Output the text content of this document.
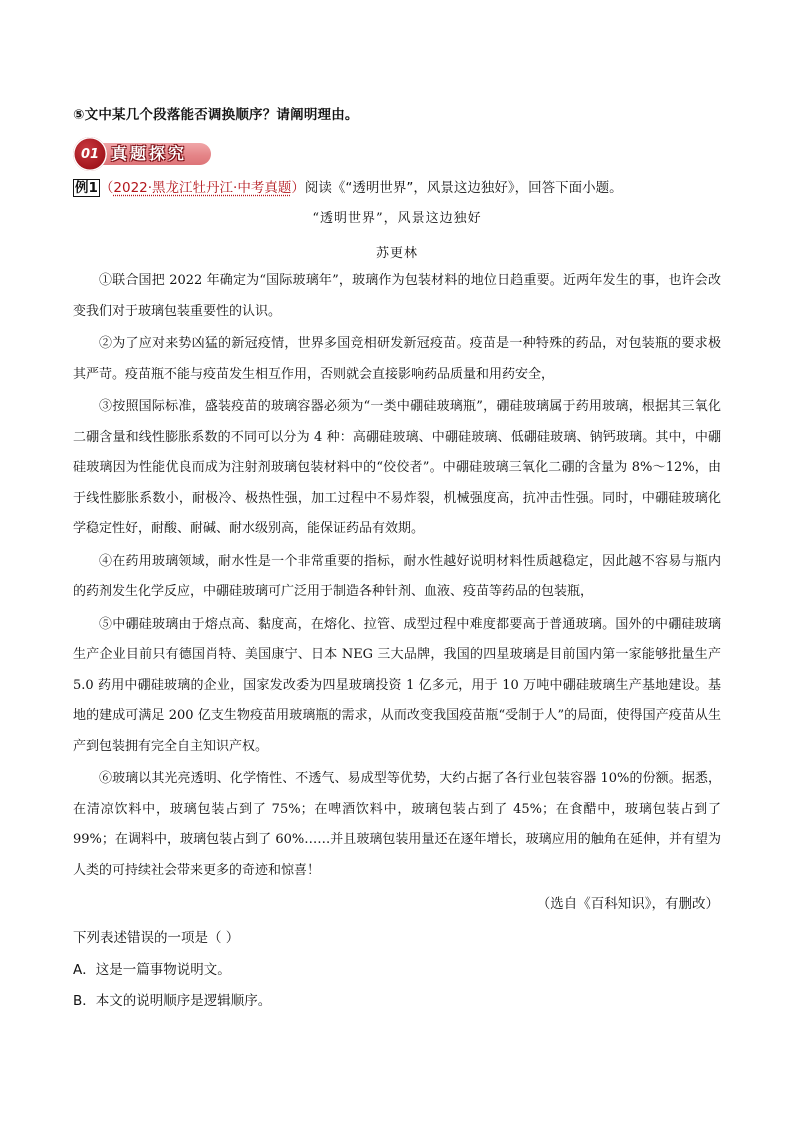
⑤文中某几个段落能否调换顺序？请阐明理由。
01 真题探究
例1 （2022·黑龙江牡丹江·中考真题）阅读《“透明世界”，风景这边独好》，回答下面小题。
“透明世界”，风景这边独好
苏更林

①联合国把 2022 年确定为“国际玻璃年”，玻璃作为包装材料的地位日趋重要。近两年发生的事，也许会改变我们对于玻璃包装重要性的认识。

②为了应对来势凶猛的新冠疫情，世界多国竞相研发新冠疫苗。疫苗是一种特殊的药品，对包装瓶的要求极其严苛。疫苗瓶不能与疫苗发生相互作用，否则就会直接影响药品质量和用药安全，

③按照国际标准，盛装疫苗的玻璃容器必须为“一类中硼硅玻璃瓶”，硼硅玻璃属于药用玻璃，根据其三氧化二硼含量和线性膨胀系数的不同可以分为 4 种：高硼硅玻璃、中硼硅玻璃、低硼硅玻璃、钠钙玻璃。其中，中硼硅玻璃因为性能优良而成为注射剂玻璃包装材料中的“佼佼者”。中硼硅玻璃三氧化二硼的含量为 8%～12%，由于线性膨胀系数小，耐极冷、极热性强，加工过程中不易炸裂，机械强度高，抗冲击性强。同时，中硼硅玻璃化学稳定性好，耐酸、耐碱、耐水级别高，能保证药品有效期。

④在药用玻璃领域，耐水性是一个非常重要的指标，耐水性越好说明材料性质越稳定，因此越不容易与瓶内的药剂发生化学反应，中硼硅玻璃可广泛用于制造各种针剂、血液、疫苗等药品的包装瓶，

⑤中硼硅玻璃由于熔点高、黏度高，在熔化、拉管、成型过程中难度都要高于普通玻璃。国外的中硼硅玻璃生产企业目前只有德国肖特、美国康宁、日本 NEG 三大品牌，我国的四星玻璃是目前国内第一家能够批量生产 5.0 药用中硼硅玻璃的企业，国家发改委为四星玻璃投资 1 亿多元，用于 10 万吨中硼硅玻璃生产基地建设。基地的建成可满足 200 亿支生物疫苗用玻璃瓶的需求，从而改变我国疫苗瓶“受制于人”的局面，使得国产疫苗从生产到包装拥有完全自主知识产权。

⑥玻璃以其光亮透明、化学惰性、不透气、易成型等优势，大约占据了各行业包装容器 10%的份额。据悉，在清凉饮料中，玻璃包装占到了 75%；在啤酒饮料中，玻璃包装占到了 45%；在食醋中，玻璃包装占到了 99%；在调料中，玻璃包装占到了 60%……并且玻璃包装用量还在逐年增长，玻璃应用的触角在延伸，并有望为人类的可持续社会带来更多的奇迹和惊喜！

（选自《百科知识》，有删改）
下列表述错误的一项是（ ）
A．这是一篇事物说明文。
B．本文的说明顺序是逻辑顺序。
